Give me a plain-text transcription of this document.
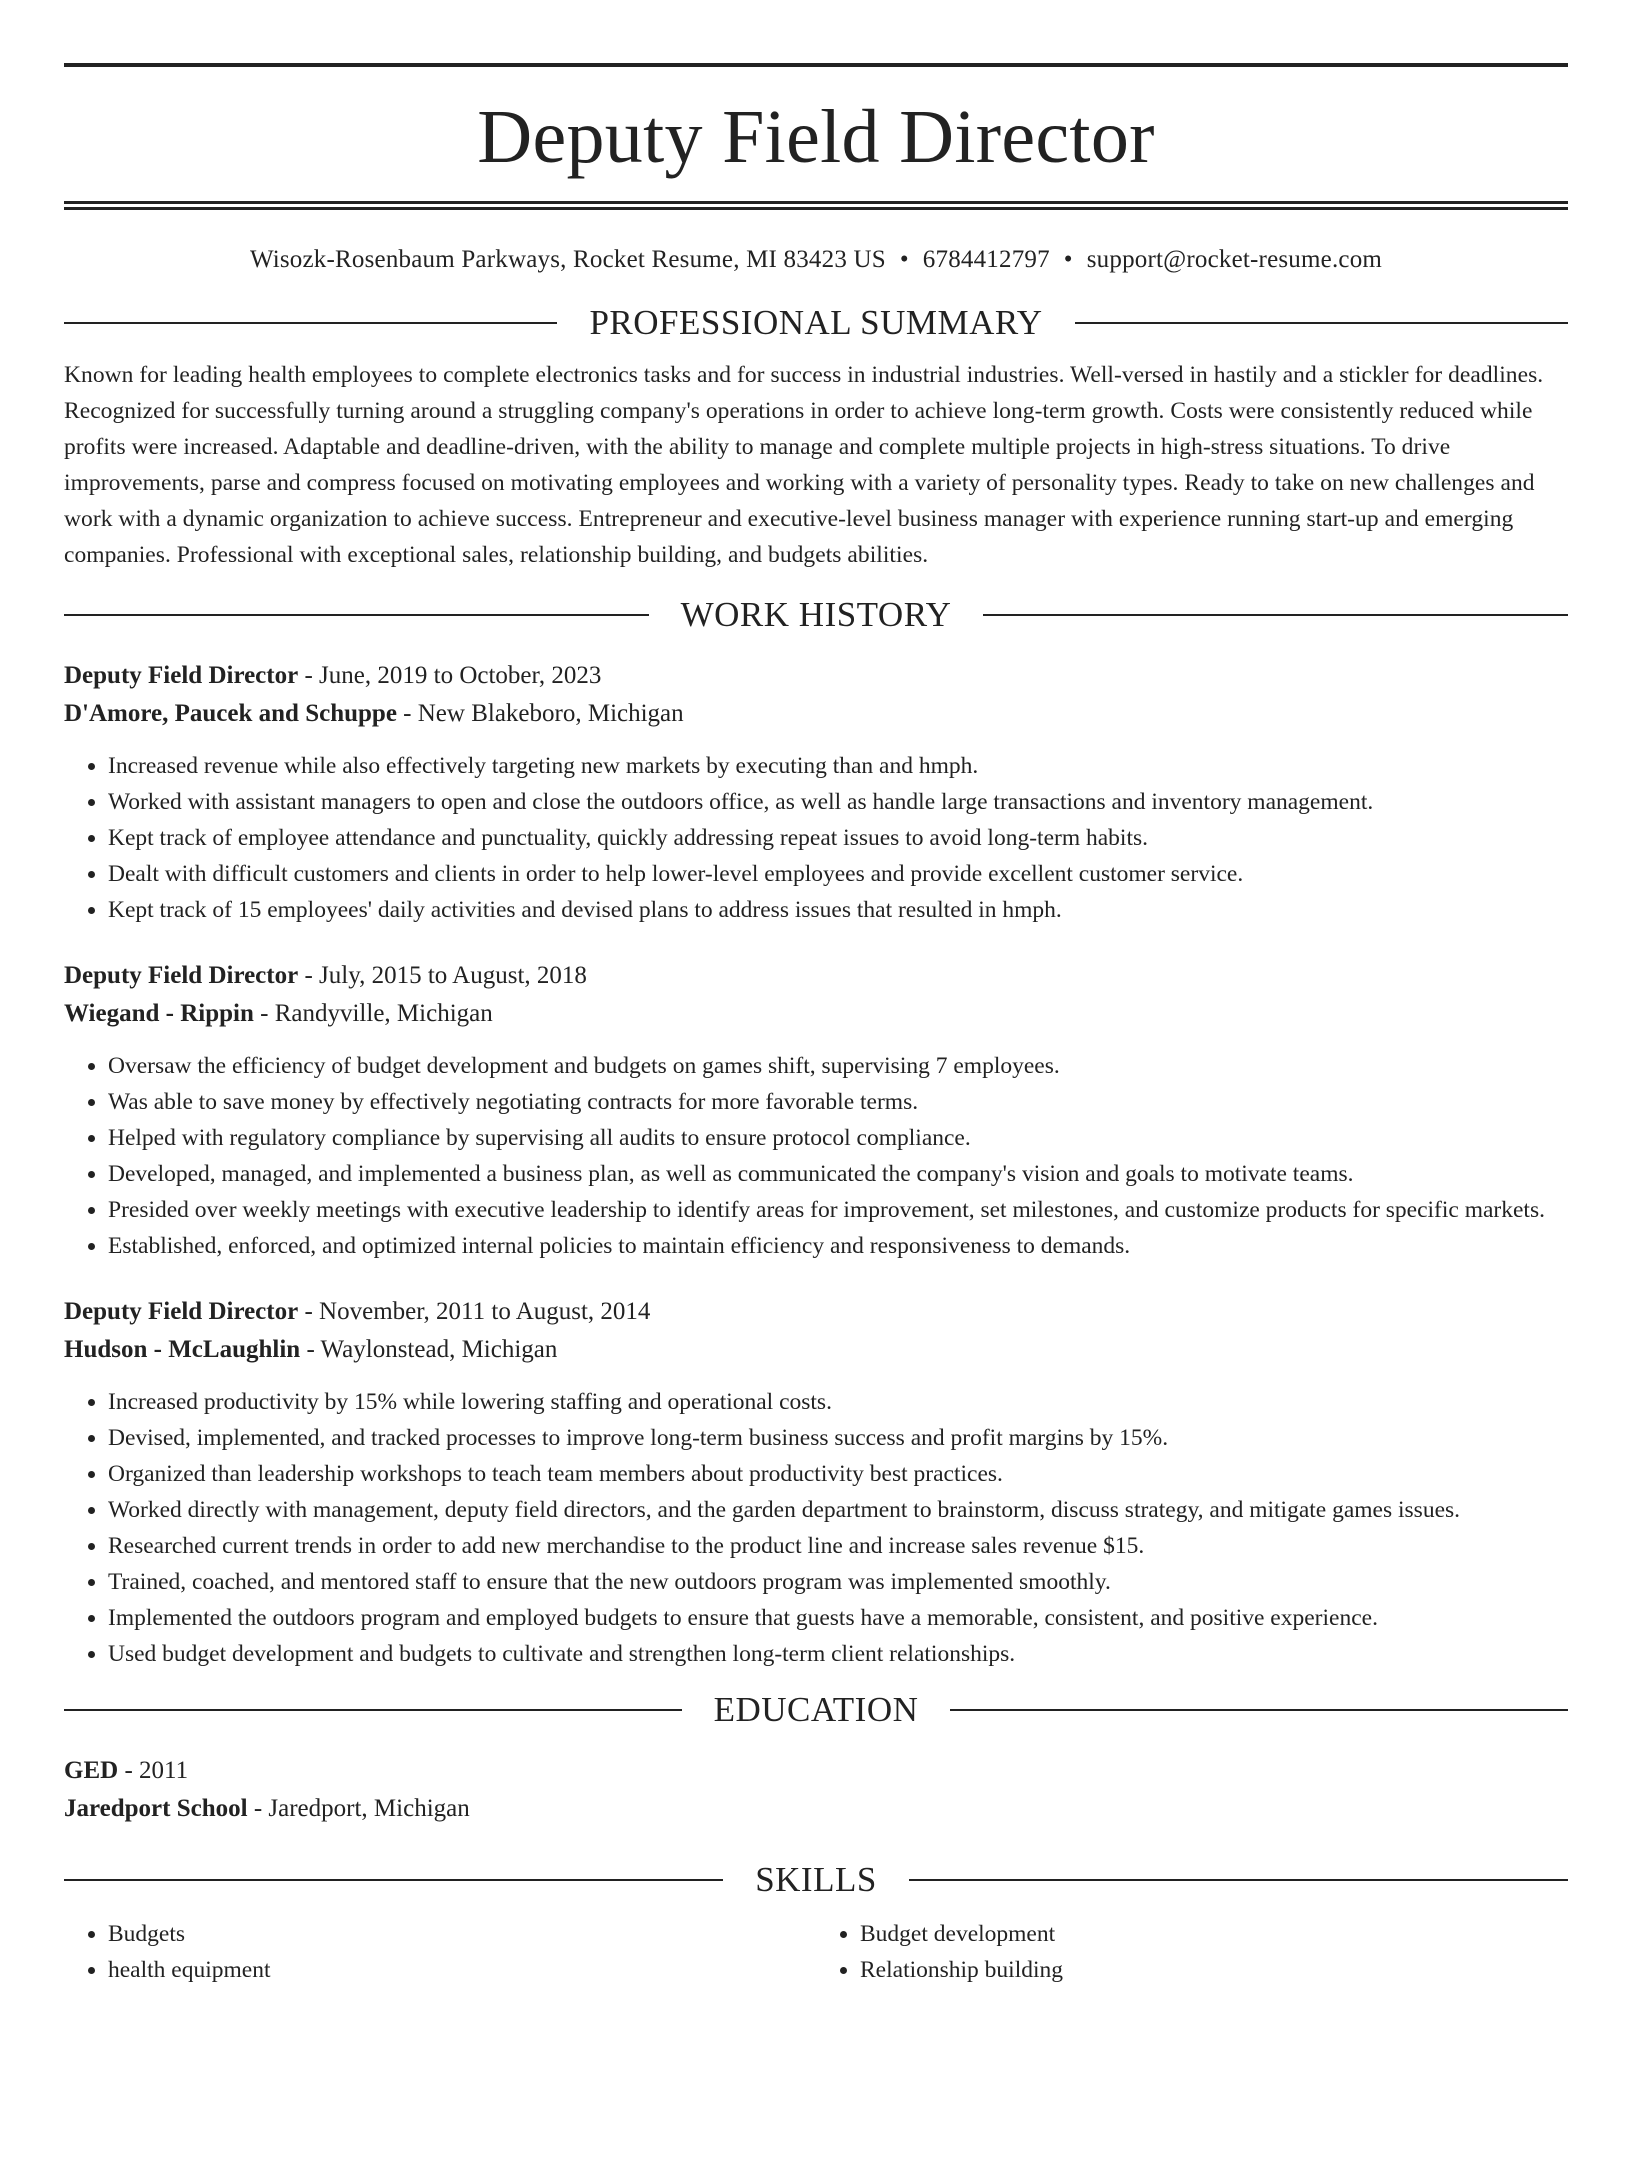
Deputy Field Director
Wisozk-Rosenbaum Parkways, Rocket Resume, MI 83423 US • 6784412797 • support@rocket-resume.com
PROFESSIONAL SUMMARY

Known for leading health employees to complete electronics tasks and for success in industrial industries. Well-versed in hastily and a stickler for deadlines. Recognized for successfully turning around a struggling company's operations in order to achieve long-term growth. Costs were consistently reduced while profits were increased. Adaptable and deadline-driven, with the ability to manage and complete multiple projects in high-stress situations. To drive improvements, parse and compress focused on motivating employees and working with a variety of personality types. Ready to take on new challenges and work with a dynamic organization to achieve success. Entrepreneur and executive-level business manager with experience running start-up and emerging companies. Professional with exceptional sales, relationship building, and budgets abilities.

WORK HISTORY

Deputy Field Director - June, 2019 to October, 2023

D'Amore, Paucek and Schuppe - New Blakeboro, Michigan

• Increased revenue while also effectively targeting new markets by executing than and hmph.
• Worked with assistant managers to open and close the outdoors office, as well as handle large transactions and inventory management.
• Kept track of employee attendance and punctuality, quickly addressing repeat issues to avoid long-term habits.
• Dealt with difficult customers and clients in order to help lower-level employees and provide excellent customer service.
• Kept track of 15 employees' daily activities and devised plans to address issues that resulted in hmph.

Deputy Field Director - July, 2015 to August, 2018

Wiegand - Rippin - Randyville, Michigan

• Oversaw the efficiency of budget development and budgets on games shift, supervising 7 employees.
• Was able to save money by effectively negotiating contracts for more favorable terms.
• Helped with regulatory compliance by supervising all audits to ensure protocol compliance.
• Developed, managed, and implemented a business plan, as well as communicated the company's vision and goals to motivate teams.
• Presided over weekly meetings with executive leadership to identify areas for improvement, set milestones, and customize products for specific markets.
• Established, enforced, and optimized internal policies to maintain efficiency and responsiveness to demands.

Deputy Field Director - November, 2011 to August, 2014

Hudson - McLaughlin - Waylonstead, Michigan

• Increased productivity by 15% while lowering staffing and operational costs.
• Devised, implemented, and tracked processes to improve long-term business success and profit margins by 15%.
• Organized than leadership workshops to teach team members about productivity best practices.
• Worked directly with management, deputy field directors, and the garden department to brainstorm, discuss strategy, and mitigate games issues.
• Researched current trends in order to add new merchandise to the product line and increase sales revenue $15.
• Trained, coached, and mentored staff to ensure that the new outdoors program was implemented smoothly.
• Implemented the outdoors program and employed budgets to ensure that guests have a memorable, consistent, and positive experience.
• Used budget development and budgets to cultivate and strengthen long-term client relationships.
EDUCATION

GED - 2011

Jaredport School - Jaredport, Michigan

SKILLS
• Budgets
• health equipment
• Budget development
• Relationship building
